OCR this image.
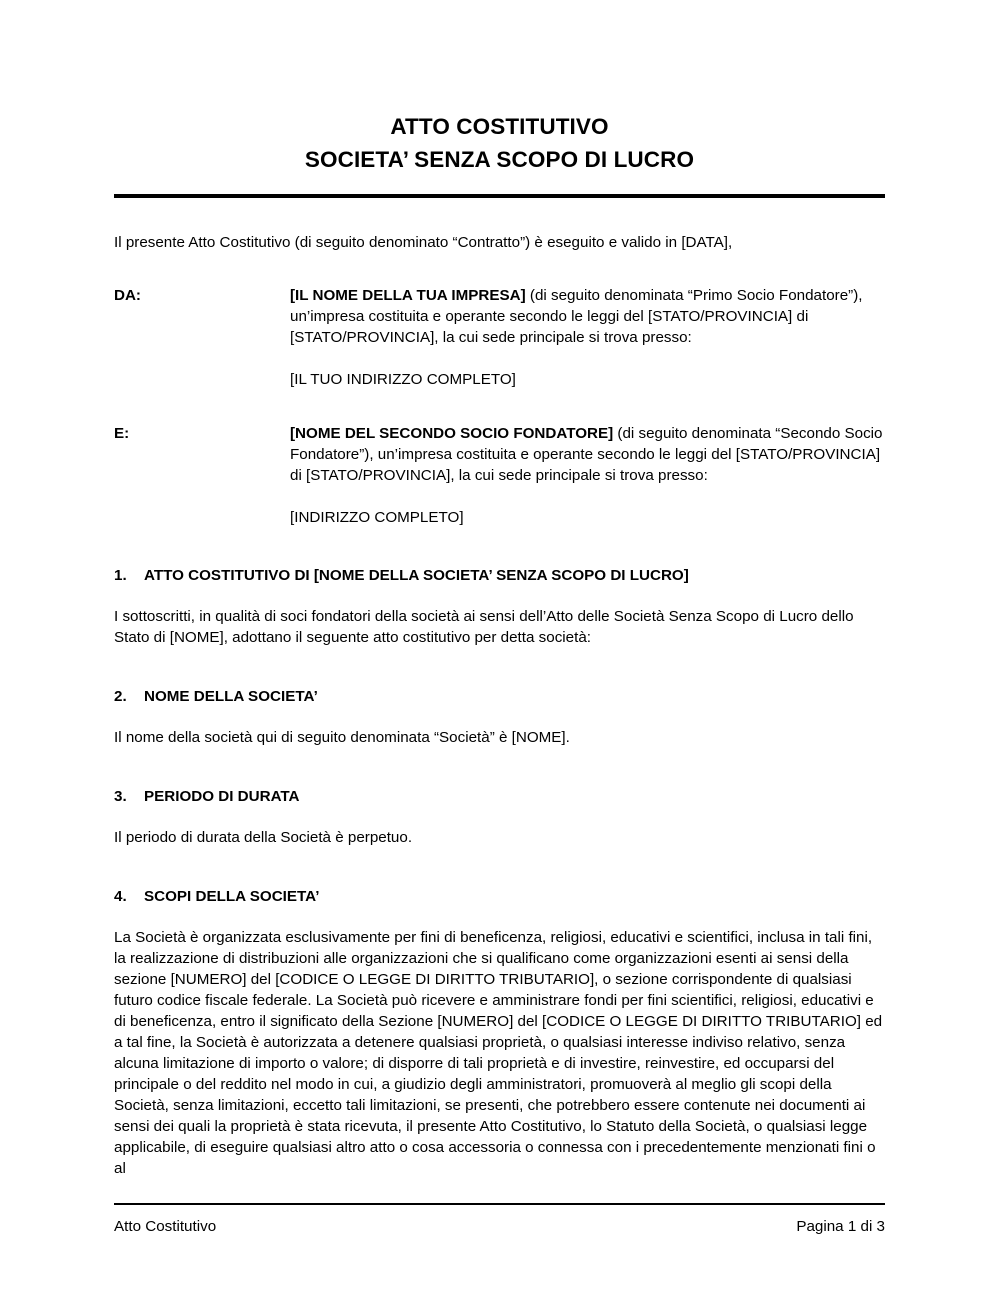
ATTO COSTITUTIVO
SOCIETA’ SENZA SCOPO DI LUCRO

Il presente Atto Costitutivo (di seguito denominato “Contratto”) è eseguito e valido in [DATA],

DA:	[IL NOME DELLA TUA IMPRESA] (di seguito denominata “Primo Socio Fondatore”), un’impresa costituita e operante secondo le leggi del [STATO/PROVINCIA] di [STATO/PROVINCIA], la cui sede principale si trova presso:
[IL TUO INDIRIZZO COMPLETO]
E:	[NOME DEL SECONDO SOCIO FONDATORE] (di seguito denominata “Secondo Socio Fondatore”), un’impresa costituita e operante secondo le leggi del [STATO/PROVINCIA] di [STATO/PROVINCIA], la cui sede principale si trova presso:
[INDIRIZZO COMPLETO]
1.	ATTO COSTITUTIVO DI [NOME DELLA SOCIETA’ SENZA SCOPO DI LUCRO]

I sottoscritti, in qualità di soci fondatori della società ai sensi dell’Atto delle Società Senza Scopo di Lucro dello Stato di [NOME], adottano il seguente atto costitutivo per detta società:

2.	NOME DELLA SOCIETA’

Il nome della società qui di seguito denominata “Società” è [NOME].

3.	PERIODO DI DURATA

Il periodo di durata della Società è perpetuo.

4.	SCOPI DELLA SOCIETA’

La Società è organizzata esclusivamente per fini di beneficenza, religiosi, educativi e scientifici, inclusa in tali fini, la realizzazione di distribuzioni alle organizzazioni che si qualificano come organizzazioni esenti ai sensi della sezione [NUMERO] del [CODICE O LEGGE DI DIRITTO TRIBUTARIO], o sezione corrispondente di qualsiasi futuro codice fiscale federale. La Società può ricevere e amministrare fondi per fini scientifici, religiosi, educativi e di beneficenza, entro il significato della Sezione [NUMERO] del [CODICE O LEGGE DI DIRITTO TRIBUTARIO] ed a tal fine, la Società è autorizzata a detenere qualsiasi proprietà, o qualsiasi interesse indiviso relativo, senza alcuna limitazione di importo o valore; di disporre di tali proprietà e di investire, reinvestire, ed occuparsi del principale o del reddito nel modo in cui, a giudizio degli amministratori, promuoverà al meglio gli scopi della Società, senza limitazioni, eccetto tali limitazioni, se presenti, che potrebbero essere contenute nei documenti ai sensi dei quali la proprietà è stata ricevuta, il presente Atto Costitutivo, lo Statuto della Società, o qualsiasi legge applicabile, di eseguire qualsiasi altro atto o cosa accessoria o connessa con i precedentemente menzionati fini o al

Atto Costitutivo	Pagina 1 di 3
